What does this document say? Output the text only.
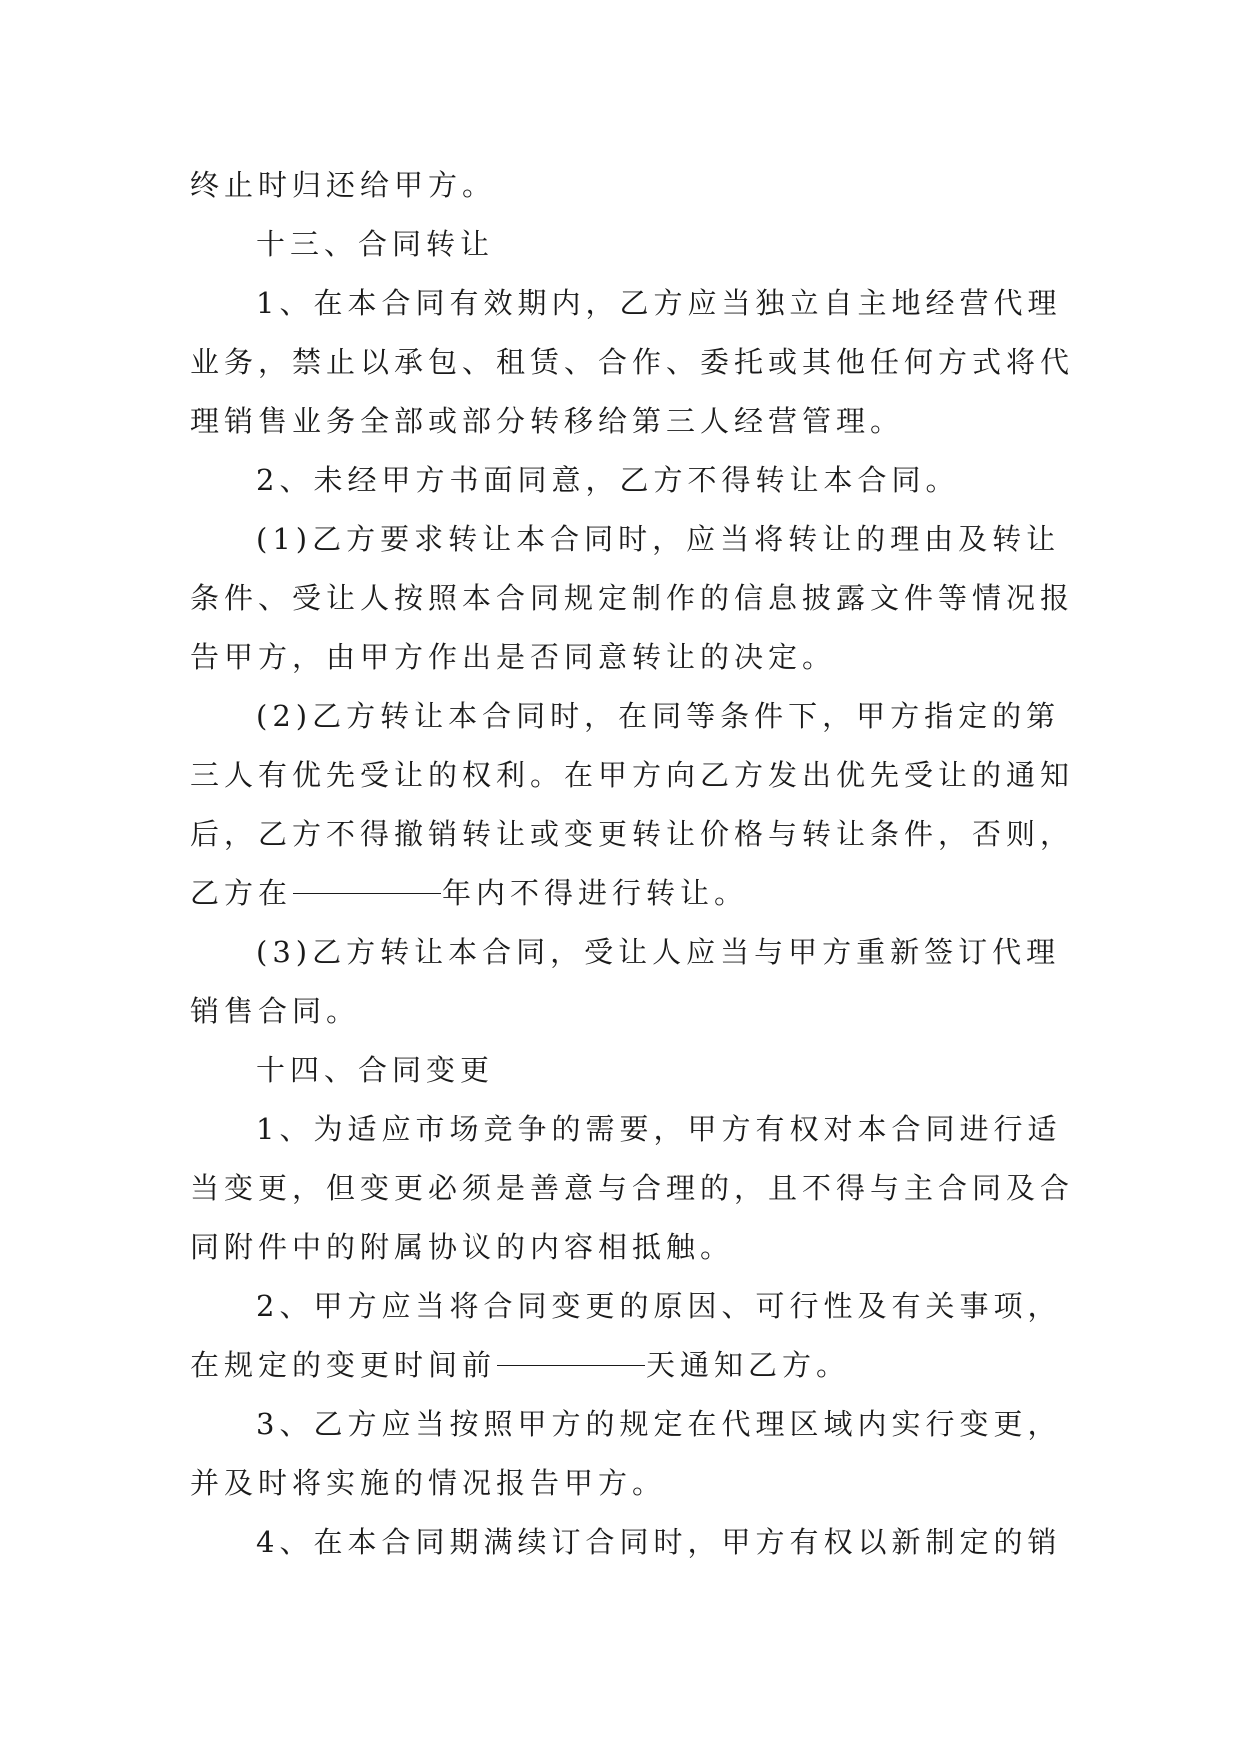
终止时归还给甲方。
十三、合同转让
1、在本合同有效期内，乙方应当独立自主地经营代理
业务，禁止以承包、租赁、合作、委托或其他任何方式将代
理销售业务全部或部分转移给第三人经营管理。
2、未经甲方书面同意，乙方不得转让本合同。
(1)乙方要求转让本合同时，应当将转让的理由及转让
条件、受让人按照本合同规定制作的信息披露文件等情况报
告甲方，由甲方作出是否同意转让的决定。
(2)乙方转让本合同时，在同等条件下，甲方指定的第
三人有优先受让的权利。在甲方向乙方发出优先受让的通知
后，乙方不得撤销转让或变更转让价格与转让条件，否则，
乙方在	年内不得进行转让。
(3)乙方转让本合同，受让人应当与甲方重新签订代理
销售合同。
十四、合同变更
1、为适应市场竞争的需要，甲方有权对本合同进行适
当变更，但变更必须是善意与合理的，且不得与主合同及合
同附件中的附属协议的内容相抵触。
2、甲方应当将合同变更的原因、可行性及有关事项，
在规定的变更时间前	天通知乙方。
3、乙方应当按照甲方的规定在代理区域内实行变更，
并及时将实施的情况报告甲方。
4、在本合同期满续订合同时，甲方有权以新制定的销
